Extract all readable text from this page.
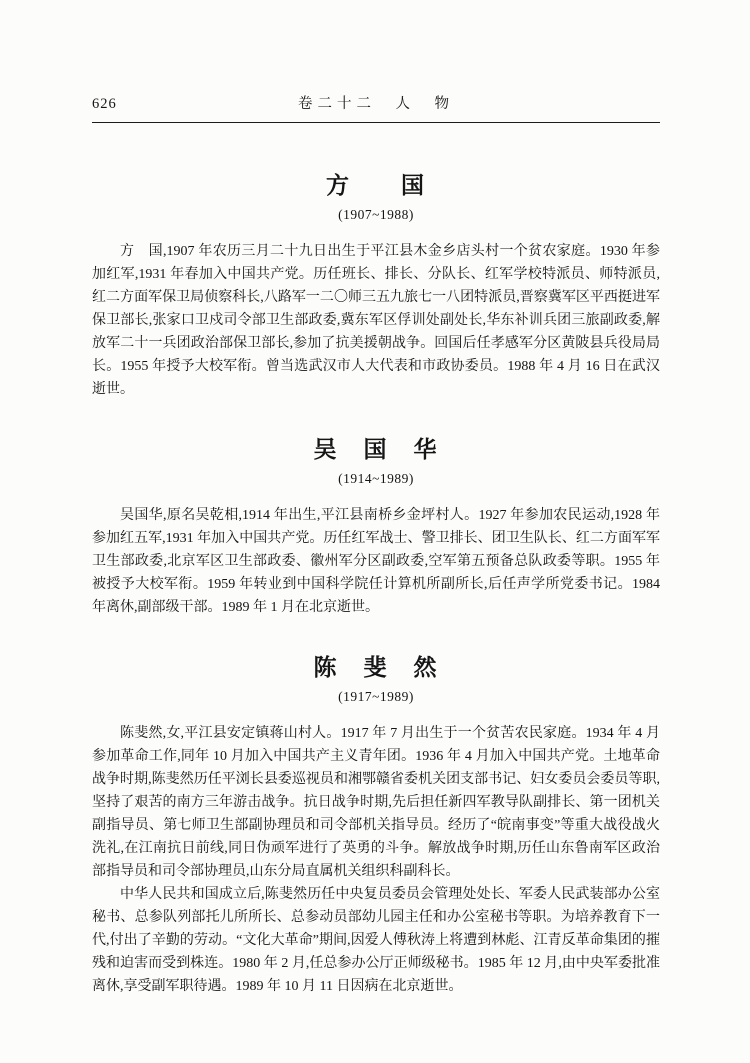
626	卷二十二　人　物
方　　国
(1907~1988)

方　国,1907 年农历三月二十九日出生于平江县木金乡店头村一个贫农家庭。1930 年参加红军,1931 年春加入中国共产党。历任班长、排长、分队长、红军学校特派员、师特派员,红二方面军保卫局侦察科长,八路军一二〇师三五九旅七一八团特派员,晋察冀军区平西挺进军保卫部长,张家口卫戍司令部卫生部政委,冀东军区俘训处副处长,华东补训兵团三旅副政委,解放军二十一兵团政治部保卫部长,参加了抗美援朝战争。回国后任孝感军分区黄陂县兵役局局长。1955 年授予大校军衔。曾当选武汉市人大代表和市政协委员。1988 年 4 月 16 日在武汉逝世。

吴　国　华
(1914~1989)

吴国华,原名吴乾相,1914 年出生,平江县南桥乡金坪村人。1927 年参加农民运动,1928 年参加红五军,1931 年加入中国共产党。历任红军战士、警卫排长、团卫生队长、红二方面军军卫生部政委,北京军区卫生部政委、徽州军分区副政委,空军第五预备总队政委等职。1955 年被授予大校军衔。1959 年转业到中国科学院任计算机所副所长,后任声学所党委书记。1984 年离休,副部级干部。1989 年 1 月在北京逝世。

陈　斐　然
(1917~1989)

陈斐然,女,平江县安定镇蒋山村人。1917 年 7 月出生于一个贫苦农民家庭。1934 年 4 月参加革命工作,同年 10 月加入中国共产主义青年团。1936 年 4 月加入中国共产党。土地革命战争时期,陈斐然历任平浏长县委巡视员和湘鄂赣省委机关团支部书记、妇女委员会委员等职,坚持了艰苦的南方三年游击战争。抗日战争时期,先后担任新四军教导队副排长、第一团机关副指导员、第七师卫生部副协理员和司令部机关指导员。经历了“皖南事变”等重大战役战火洗礼,在江南抗日前线,同日伪顽军进行了英勇的斗争。解放战争时期,历任山东鲁南军区政治部指导员和司令部协理员,山东分局直属机关组织科副科长。

中华人民共和国成立后,陈斐然历任中央复员委员会管理处处长、军委人民武装部办公室秘书、总参队列部托儿所所长、总参动员部幼儿园主任和办公室秘书等职。为培养教育下一代,付出了辛勤的劳动。“文化大革命”期间,因爱人傅秋涛上将遭到林彪、江青反革命集团的摧残和迫害而受到株连。1980 年 2 月,任总参办公厅正师级秘书。1985 年 12 月,由中央军委批准离休,享受副军职待遇。1989 年 10 月 11 日因病在北京逝世。
